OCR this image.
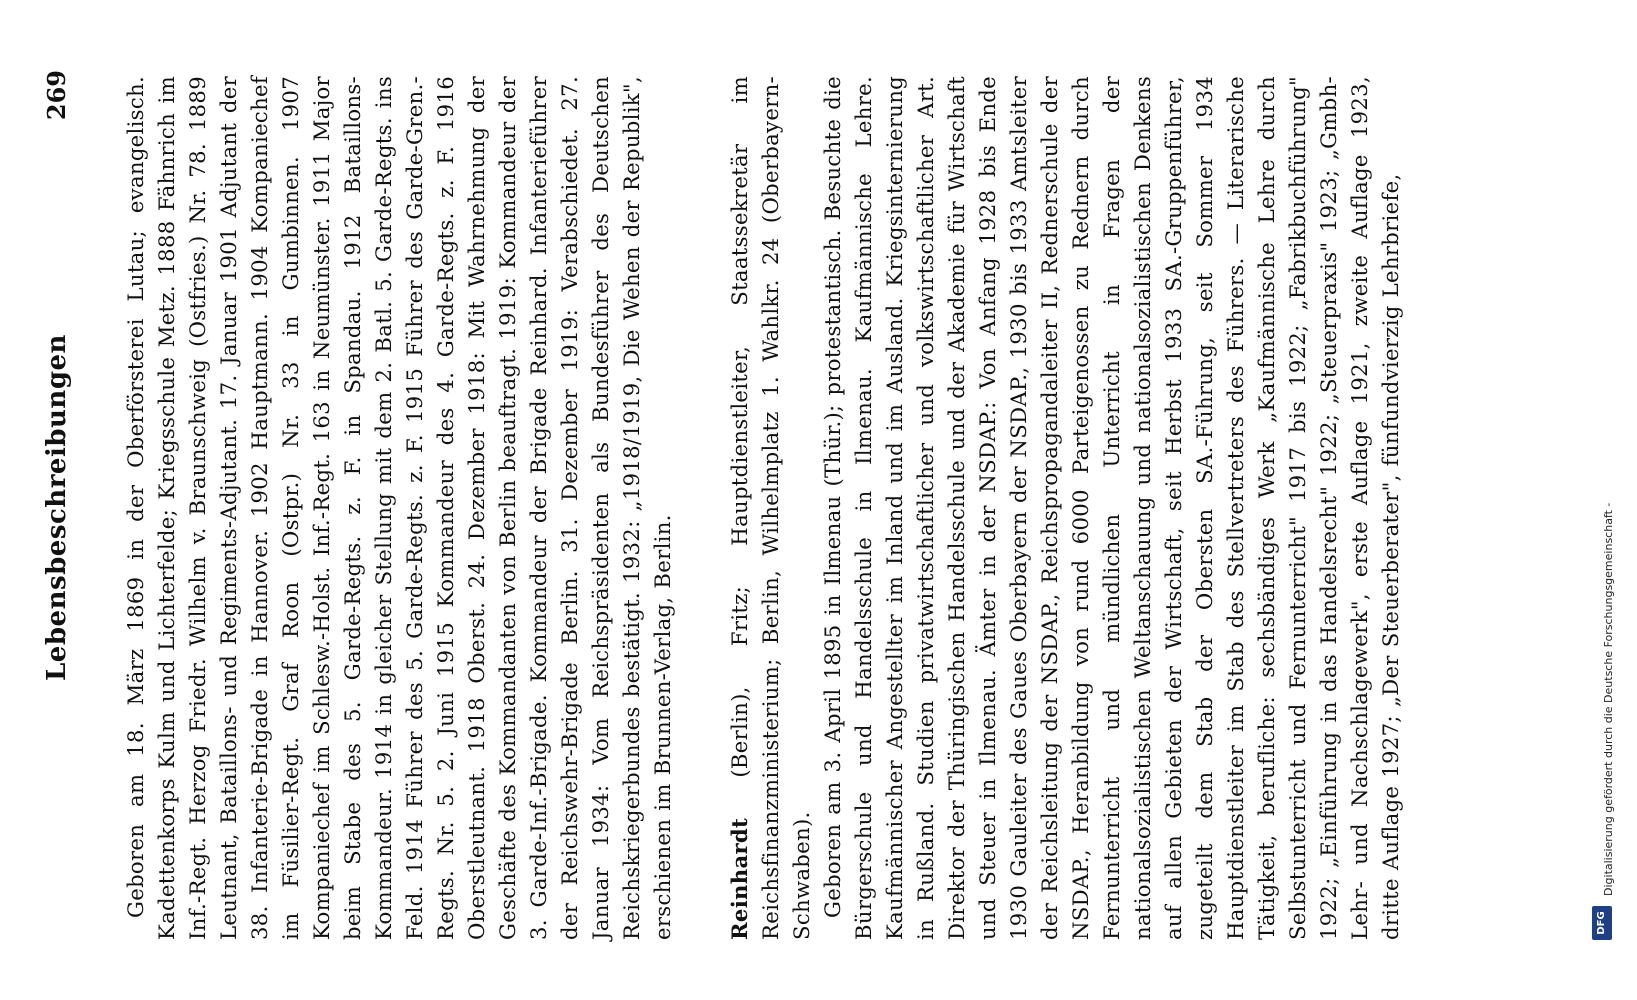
Lebensbeschreibungen
269 Geboren am 18. März 1869 in der Oberförsterei Lutau; evangelisch. Kadettenkorps Kulm und Lichterfelde; Kriegsschule Metz. 1888 Fähnrich im Inf.-Regt. Herzog Friedr. Wilhelm v. Braunschweig (Ostfries.) Nr. 78. 1889 Leutnant, Bataillons- und Regiments-Adjutant. 17. Januar 1901 Adjutant der 38. Infanterie-Brigade in Hannover. 1902 Hauptmann. 1904 Kompaniechef im Füsilier-Regt. Graf Roon (Ostpr.) Nr. 33 in Gumbinnen. 1907 Kompaniechef im Schlesw.-Holst. Inf.-Regt. 163 in Neumünster. 1911 Major beim Stabe des 5. Garde-Regts. z. F. in Spandau. 1912 Bataillons-Kommandeur. 1914 in gleicher Stellung mit dem 2. Batl. 5. Garde-Regts. ins Feld. 1914 Führer des 5. Garde-Regts. z. F. 1915 Führer des Garde-Gren.-Regts. Nr. 5. 2. Juni 1915 Kommandeur des 4. Garde-Regts. z. F. 1916 Oberstleutnant. 1918 Oberst. 24. Dezember 1918: Mit Wahrnehmung der Geschäfte des Kommandanten von Berlin beauftragt. 1919: Kommandeur der 3. Garde-Inf.-Brigade. Kommandeur der Brigade Reinhard. Infanterieführer der Reichswehr-Brigade Berlin. 31. Dezember 1919: Verabschiedet. 27. Januar 1934: Vom Reichspräsidenten als Bundesführer des Deutschen Reichskriegerbundes bestätigt. 1932: „1918/1919, Die Wehen der Republik", erschienen im Brunnen-Verlag, Berlin. Reinhardt (Berlin), Fritz; Hauptdienstleiter, Staatssekretär im Reichsfinanzministerium; Berlin, Wilhelmplatz 1. Wahlkr. 24 (Oberbayern-Schwaben). Geboren am 3. April 1895 in Ilmenau (Thür.); protestantisch. Besuchte die Bürgerschule und Handelsschule in Ilmenau. Kaufmännische Lehre. Kaufmännischer Angestellter im Inland und im Ausland. Kriegsinternierung in Rußland. Studien privatwirtschaftlicher und volkswirtschaftlicher Art. Direktor der Thüringischen Handelsschule und der Akademie für Wirtschaft und Steuer in Ilmenau. Ämter in der NSDAP.: Von Anfang 1928 bis Ende 1930 Gauleiter des Gaues Oberbayern der NSDAP., 1930 bis 1933 Amtsleiter der Reichsleitung der NSDAP., Reichspropagandaleiter II, Rednerschule der NSDAP., Heranbildung von rund 6000 Parteigenossen zu Rednern durch Fernunterricht und mündlichen Unterricht in Fragen der nationalsozialistischen Weltanschauung und nationalsozialistischen Denkens auf allen Gebieten der Wirtschaft, seit Herbst 1933 SA.-Gruppenführer, zugeteilt dem Stab der Obersten SA.-Führung, seit Sommer 1934 Hauptdienstleiter im Stab des Stellvertreters des Führers. — Literarische Tätigkeit, berufliche: sechsbändiges Werk „Kaufmännische Lehre durch Selbstunterricht und Fernunterricht" 1917 bis 1922; „Fabrikbuchführung" 1922; „Einführung in das Handelsrecht" 1922; „Steuerpraxis" 1923; „Gmbh-Lehr- und Nachschlagewerk", erste Auflage 1921, zweite Auflage 1923, dritte Auflage 1927; „Der Steuerberater", fünfundvierzig Lehrbriefe,	DFG
Digitalisierung gefördert durch die Deutsche Forschungsgemeinschaft -
